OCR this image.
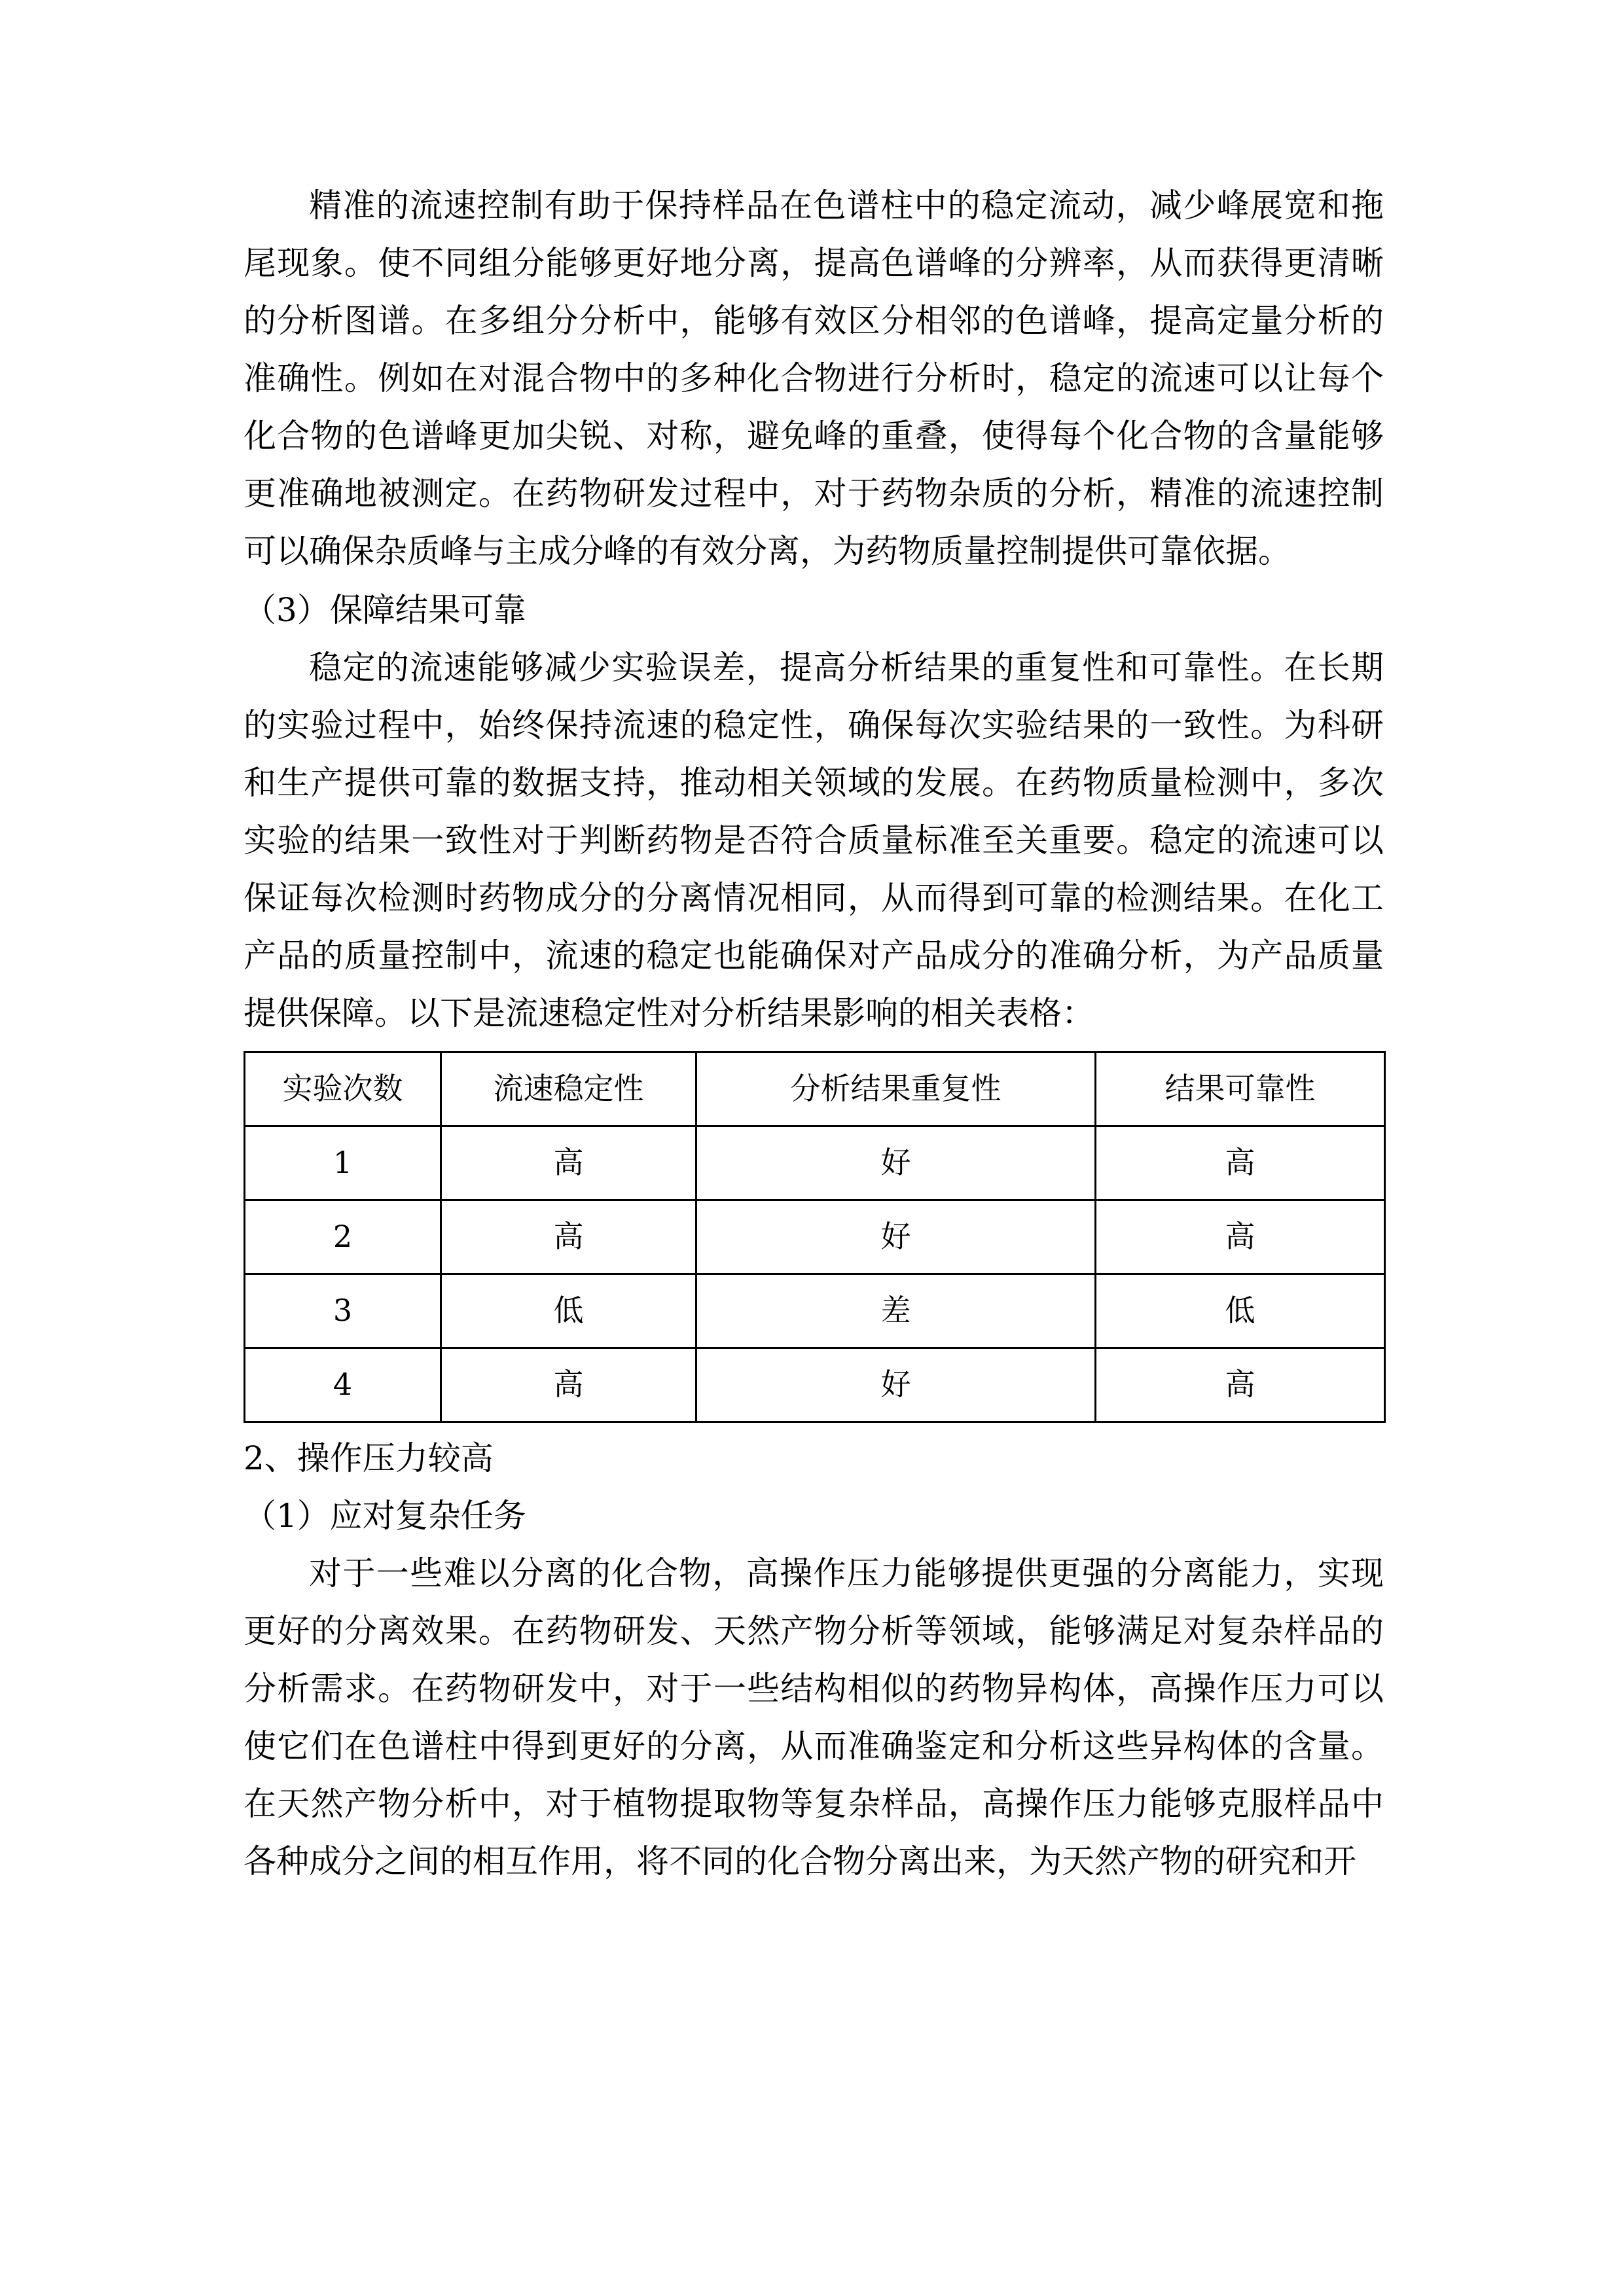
精准的流速控制有助于保持样品在色谱柱中的稳定流动，减少峰展宽和拖尾现象。使不同组分能够更好地分离，提高色谱峰的分辨率，从而获得更清晰的分析图谱。在多组分分析中，能够有效区分相邻的色谱峰，提高定量分析的准确性。例如在对混合物中的多种化合物进行分析时，稳定的流速可以让每个化合物的色谱峰更加尖锐、对称，避免峰的重叠，使得每个化合物的含量能够更准确地被测定。在药物研发过程中，对于药物杂质的分析，精准的流速控制可以确保杂质峰与主成分峰的有效分离，为药物质量控制提供可靠依据。

（3）保障结果可靠

稳定的流速能够减少实验误差，提高分析结果的重复性和可靠性。在长期的实验过程中，始终保持流速的稳定性，确保每次实验结果的一致性。为科研和生产提供可靠的数据支持，推动相关领域的发展。在药物质量检测中，多次实验的结果一致性对于判断药物是否符合质量标准至关重要。稳定的流速可以保证每次检测时药物成分的分离情况相同，从而得到可靠的检测结果。在化工产品的质量控制中，流速的稳定也能确保对产品成分的准确分析，为产品质量提供保障。以下是流速稳定性对分析结果影响的相关表格：

实验次数	流速稳定性	分析结果重复性	结果可靠性
1	高	好	高
2	高	好	高
3	低	差	低
4	高	好	高
2、操作压力较高
（1）应对复杂任务

对于一些难以分离的化合物，高操作压力能够提供更强的分离能力，实现更好的分离效果。在药物研发、天然产物分析等领域，能够满足对复杂样品的分析需求。在药物研发中，对于一些结构相似的药物异构体，高操作压力可以使它们在色谱柱中得到更好的分离，从而准确鉴定和分析这些异构体的含量。在天然产物分析中，对于植物提取物等复杂样品，高操作压力能够克服样品中各种成分之间的相互作用，将不同的化合物分离出来，为天然产物的研究和开
